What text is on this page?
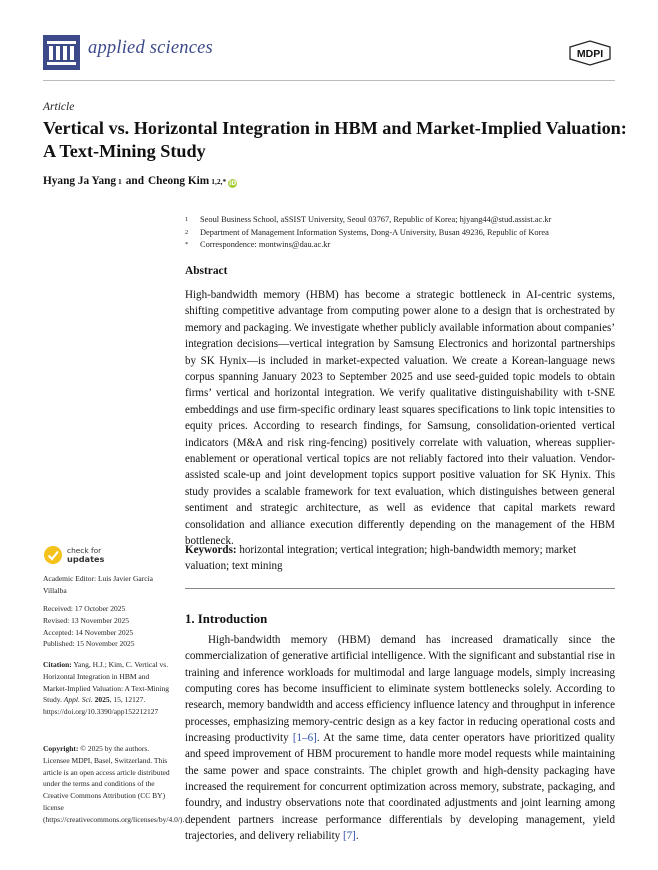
applied sciences	MDPI
Article
Vertical vs. Horizontal Integration in HBM and Market-Implied Valuation: A Text-Mining Study
Hyang Ja Yang 1 and Cheong Kim 1,2,* iD
1	Seoul Business School, aSSIST University, Seoul 03767, Republic of Korea; hjyang44@stud.assist.ac.kr
2	Department of Management Information Systems, Dong-A University, Busan 49236, Republic of Korea
*	Correspondence: montwins@dau.ac.kr
Abstract
High-bandwidth memory (HBM) has become a strategic bottleneck in AI-centric systems, shifting competitive advantage from computing power alone to a design that is orchestrated by memory and packaging. We investigate whether publicly available information about companies’ integration decisions—vertical integration by Samsung Electronics and horizontal partnerships by SK Hynix—is included in market-expected valuation. We create a Korean-language news corpus spanning January 2023 to September 2025 and use seed-guided topic models to obtain firms’ vertical and horizontal integration. We verify qualitative distinguishability with t-SNE embeddings and use firm-specific ordinary least squares specifications to link topic intensities to equity prices. According to research findings, for Samsung, consolidation-oriented vertical indicators (M&A and risk ring-fencing) positively correlate with valuation, whereas supplier-enablement or operational vertical topics are not reliably factored into their valuation. Vendor-assisted scale-up and joint development topics support positive valuation for SK Hynix. This study provides a scalable framework for text evaluation, which distinguishes between general sentiment and strategic architecture, as well as evidence that capital markets reward consolidation and alliance execution differently depending on the management of the HBM bottleneck.
Keywords: horizontal integration; vertical integration; high-bandwidth memory; market valuation; text mining
1. Introduction
High-bandwidth memory (HBM) demand has increased dramatically since the commercialization of generative artificial intelligence. With the significant and substantial rise in training and inference workloads for multimodal and large language models, simply increasing computing cores has become insufficient to eliminate system bottlenecks solely. According to research, memory bandwidth and access efficiency influence latency and throughput in inference processes, emphasizing memory-centric design as a key factor in reducing operational costs and increasing productivity [1–6]. At the same time, data center operators have prioritized quality and speed improvement of HBM procurement to handle more model requests while maintaining the same power and space constraints. The chiplet growth and high-density packaging have increased the requirement for concurrent optimization across memory, substrate, packaging, and foundry, and industry observations note that coordinated adjustments and joint learning among dependent partners increase performance differentials by developing management, yield trajectories, and delivery reliability [7].
check for
updates
Academic Editor: Luis Javier García Villalba
Received: 17 October 2025
Revised: 13 November 2025
Accepted: 14 November 2025
Published: 15 November 2025
Citation: Yang, H.J.; Kim, C. Vertical vs. Horizontal Integration in HBM and Market-Implied Valuation: A Text-Mining Study. Appl. Sci. 2025, 15, 12127. https://doi.org/10.3390/app152212127
Copyright: © 2025 by the authors. Licensee MDPI, Basel, Switzerland. This article is an open access article distributed under the terms and conditions of the Creative Commons Attribution (CC BY) license (https://creativecommons.org/licenses/by/4.0/).
